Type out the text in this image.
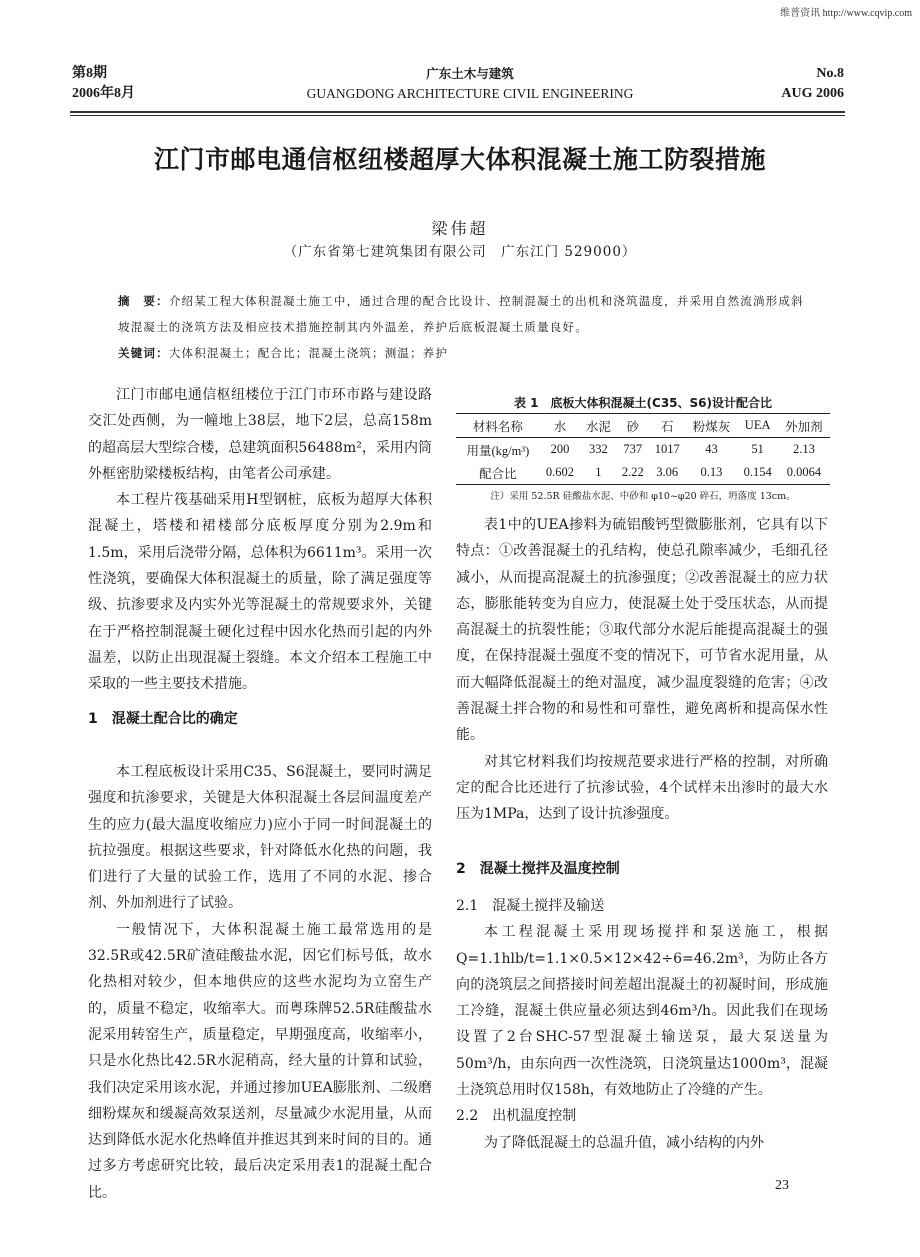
维普资讯 http://www.cqvip.com
第8期
2006年8月
广东土木与建筑
GUANGDONG ARCHITECTURE CIVIL ENGINEERING
No.8
AUG 2006
江门市邮电通信枢纽楼超厚大体积混凝土施工防裂措施
梁伟超
（广东省第七建筑集团有限公司　广东江门 529000）
摘　要：介绍某工程大体积混凝土施工中，通过合理的配合比设计、控制混凝土的出机和浇筑温度，并采用自然流淌形成斜坡混凝土的浇筑方法及相应技术措施控制其内外温差，养护后底板混凝土质量良好。
关键词：大体积混凝土；配合比；混凝土浇筑；测温；养护

江门市邮电通信枢纽楼位于江门市环市路与建设路交汇处西侧，为一幢地上38层，地下2层，总高158m的超高层大型综合楼，总建筑面积56488m²，采用内筒外框密肋梁楼板结构，由笔者公司承建。

本工程片筏基础采用H型钢桩，底板为超厚大体积混凝土，塔楼和裙楼部分底板厚度分别为2.9m和1.5m，采用后浇带分隔，总体积为6611m³。采用一次性浇筑，要确保大体积混凝土的质量，除了满足强度等级、抗渗要求及内实外光等混凝土的常规要求外，关键在于严格控制混凝土硬化过程中因水化热而引起的内外温差，以防止出现混凝土裂缝。本文介绍本工程施工中采取的一些主要技术措施。

1　混凝土配合比的确定

本工程底板设计采用C35、S6混凝土，要同时满足强度和抗渗要求，关键是大体积混凝土各层间温度差产生的应力(最大温度收缩应力)应小于同一时间混凝土的抗拉强度。根据这些要求，针对降低水化热的问题，我们进行了大量的试验工作，选用了不同的水泥、掺合剂、外加剂进行了试验。

一般情况下，大体积混凝土施工最常选用的是32.5R或42.5R矿渣硅酸盐水泥，因它们标号低，故水化热相对较少，但本地供应的这些水泥均为立窑生产的，质量不稳定，收缩率大。而粤珠牌52.5R硅酸盐水泥采用转窑生产，质量稳定，早期强度高，收缩率小，只是水化热比42.5R水泥稍高，经大量的计算和试验，我们决定采用该水泥，并通过掺加UEA膨胀剂、二级磨细粉煤灰和缓凝高效泵送剂，尽量减少水泥用量，从而达到降低水泥水化热峰值并推迟其到来时间的目的。通过多方考虑研究比较，最后决定采用表1的混凝土配合比。

表 1　底板大体积混凝土(C35、S6)设计配合比
材料名称	水	水泥	砂	石	粉煤灰	UEA	外加剂
用量(kg/m³)	200	332	737	1017	43	51	2.13
配合比	0.602	1	2.22	3.06	0.13	0.154	0.0064
注）采用 52.5R 硅酸盐水泥、中砂和 φ10~φ20 碎石，坍落度 13cm。

表1中的UEA掺料为硫铝酸钙型微膨胀剂，它具有以下特点：①改善混凝土的孔结构，使总孔隙率减少，毛细孔径减小，从而提高混凝土的抗渗强度；②改善混凝土的应力状态，膨胀能转变为自应力，使混凝土处于受压状态，从而提高混凝土的抗裂性能；③取代部分水泥后能提高混凝土的强度，在保持混凝土强度不变的情况下，可节省水泥用量，从而大幅降低混凝土的绝对温度，减少温度裂缝的危害；④改善混凝土拌合物的和易性和可靠性，避免离析和提高保水性能。

对其它材料我们均按规范要求进行严格的控制，对所确定的配合比还进行了抗渗试验，4个试样未出渗时的最大水压为1MPa，达到了设计抗渗强度。

2　混凝土搅拌及温度控制
2.1　混凝土搅拌及输送

本工程混凝土采用现场搅拌和泵送施工，根据Q=1.1hlb/t=1.1×0.5×12×42÷6=46.2m³，为防止各方向的浇筑层之间搭接时间差超出混凝土的初凝时间，形成施工冷缝，混凝土供应量必须达到46m³/h。因此我们在现场设置了2台SHC-57型混凝土输送泵，最大泵送量为50m³/h，由东向西一次性浇筑，日浇筑量达1000m³，混凝土浇筑总用时仅158h，有效地防止了冷缝的产生。

2.2　出机温度控制

为了降低混凝土的总温升值，减小结构的内外

23
